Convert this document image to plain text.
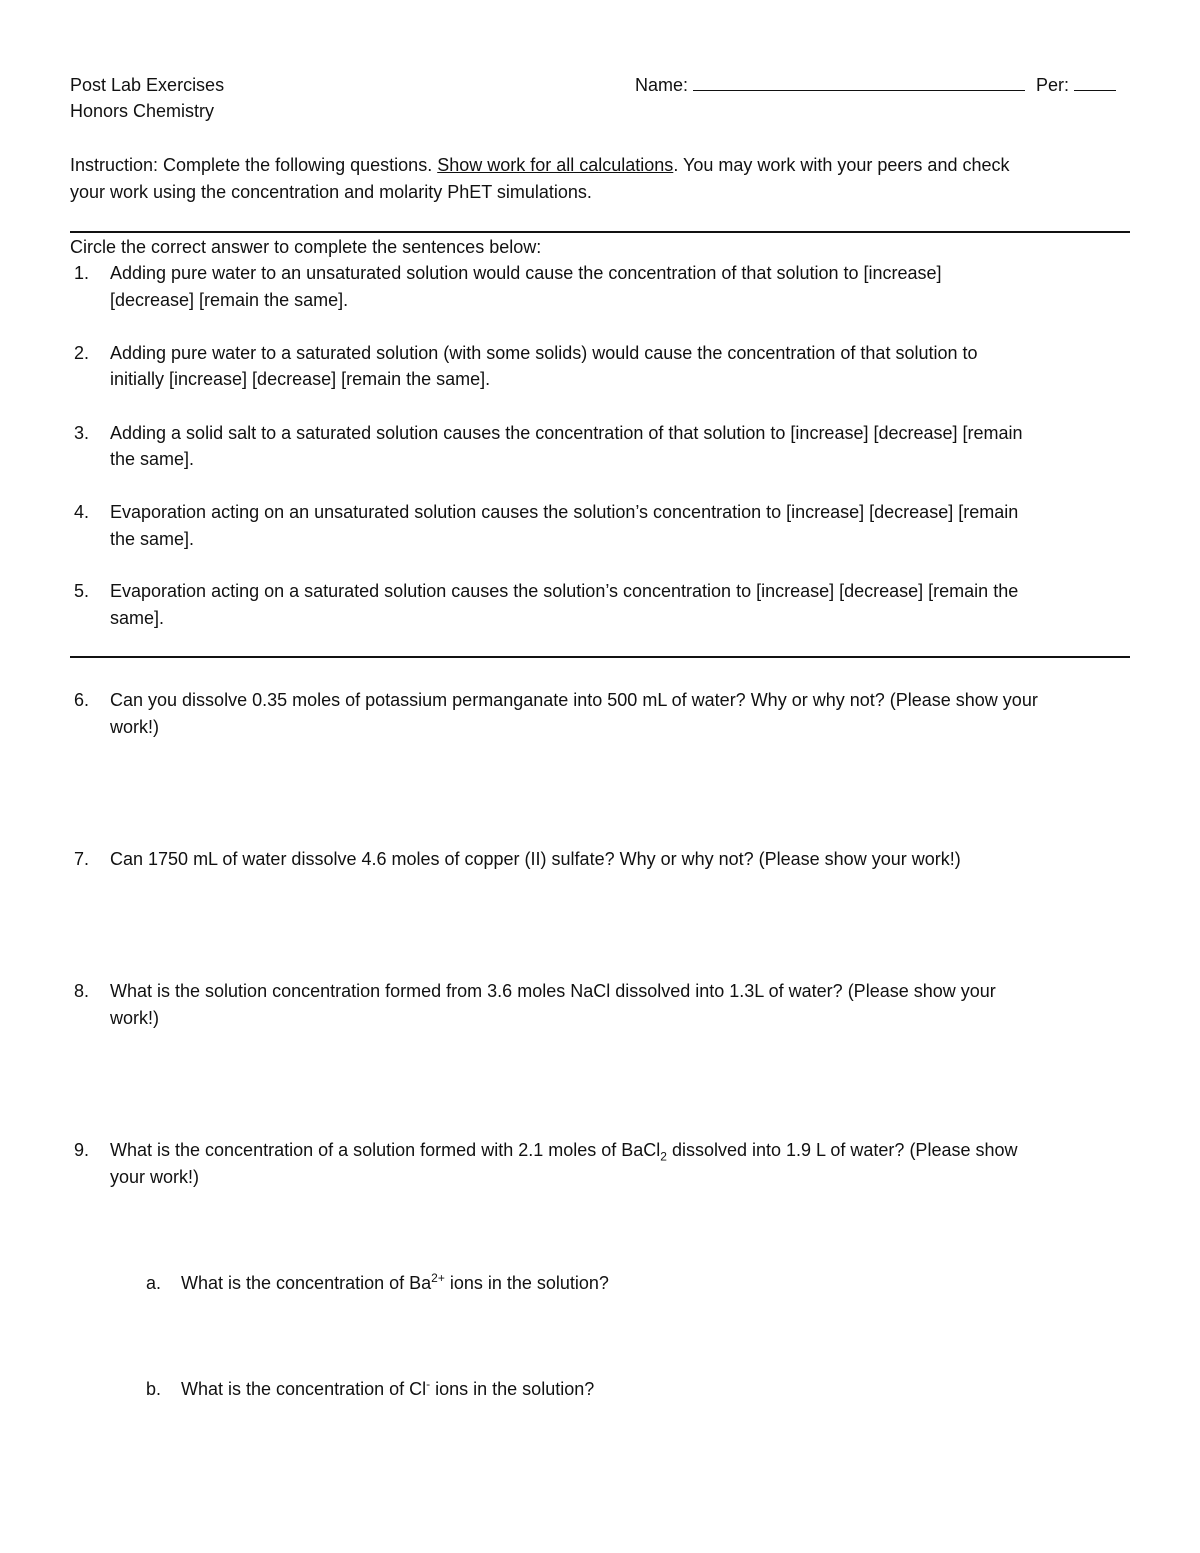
Post Lab Exercises
Honors Chemistry
Name:	Per:
Instruction: Complete the following questions. Show work for all calculations. You may work with your peers and check
your work using the concentration and molarity PhET simulations.
Circle the correct answer to complete the sentences below:
1. Adding pure water to an unsaturated solution would cause the concentration of that solution to [increase]
[decrease] [remain the same].
2. Adding pure water to a saturated solution (with some solids) would cause the concentration of that solution to
initially [increase] [decrease] [remain the same].
3. Adding a solid salt to a saturated solution causes the concentration of that solution to [increase] [decrease] [remain
the same].
4. Evaporation acting on an unsaturated solution causes the solution’s concentration to [increase] [decrease] [remain
the same].
5. Evaporation acting on a saturated solution causes the solution’s concentration to [increase] [decrease] [remain the
same].
6. Can you dissolve 0.35 moles of potassium permanganate into 500 mL of water? Why or why not? (Please show your
work!)
7. Can 1750 mL of water dissolve 4.6 moles of copper (II) sulfate? Why or why not? (Please show your work!)
8. What is the solution concentration formed from 3.6 moles NaCl dissolved into 1.3L of water? (Please show your
work!)
9. What is the concentration of a solution formed with 2.1 moles of BaCl$_2$ dissolved into 1.9 L of water? (Please show
your work!)
a. What is the concentration of $Ba^{2+}$ ions in the solution?
b. What is the concentration of Cl- ions in the solution?
